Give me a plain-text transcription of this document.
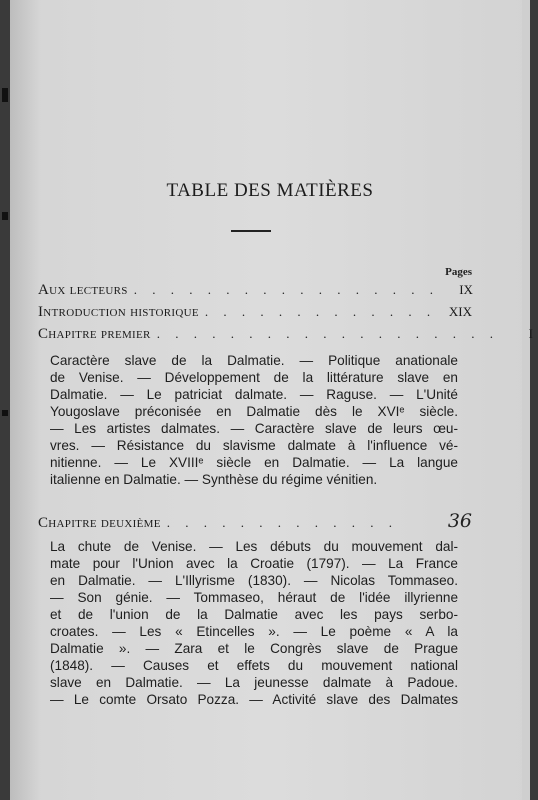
TABLE DES MATIÈRES
Pages
Aux lecteurs . . . . . . . . . . . . . . . . .	IX
Introduction historique . . . . . . . . . . . . . XIX
Chapitre premier . . . . . . . . . . . . . . . . . . .	I
Caractère slave de la Dalmatie. — Politique anationale
de Venise. — Développement de la littérature slave en
Dalmatie. — Le patriciat dalmate. — Raguse. — L'Unité
Yougoslave préconisée en Dalmatie dès le XVIᵉ siècle.
— Les artistes dalmates. — Caractère slave de leurs œu-
vres. — Résistance du slavisme dalmate à l'influence vé-
nitienne. — Le XVIIIᵉ siècle en Dalmatie. — La langue
italienne en Dalmatie. — Synthèse du régime vénitien.
Chapitre deuxième . . . . . . . . . . . . .	36
La chute de Venise. — Les débuts du mouvement dal-
mate pour l'Union avec la Croatie (1797). — La France
en Dalmatie. — L'Illyrisme (1830). — Nicolas Tommaseo.
— Son génie. — Tommaseo, héraut de l'idée illyrienne
et de l'union de la Dalmatie avec les pays serbo-
croates. — Les « Etincelles ». — Le poème « A la
Dalmatie ». — Zara et le Congrès slave de Prague
(1848). — Causes et effets du mouvement national
slave en Dalmatie. — La jeunesse dalmate à Padoue.
— Le comte Orsato Pozza. — Activité slave des Dalmates
